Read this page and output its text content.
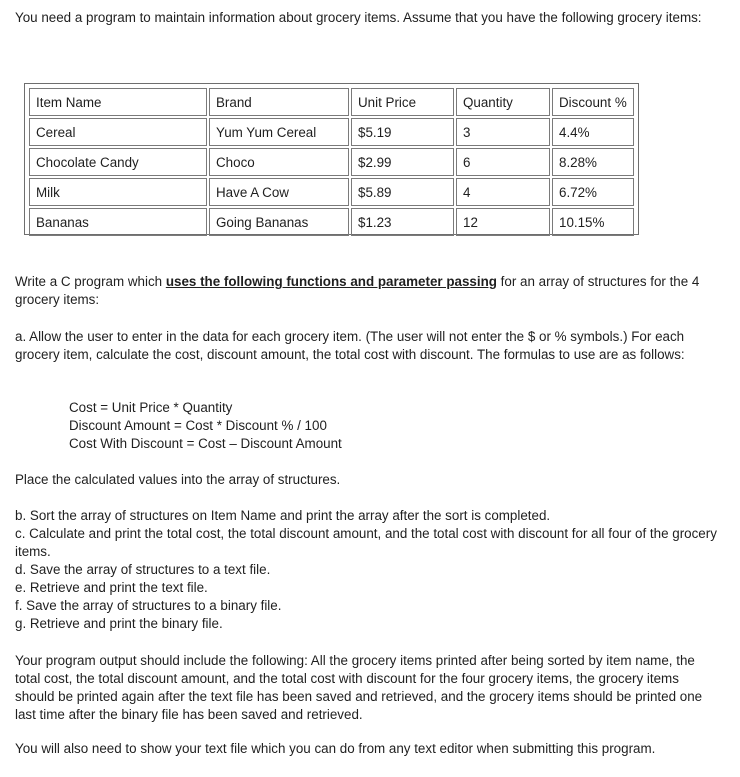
You need a program to maintain information about grocery items. Assume that you have the following grocery items:

Item Name	Brand	Unit Price	Quantity	Discount %
Cereal	Yum Yum Cereal	$5.19	3	4.4%
Chocolate Candy	Choco	$2.99	6	8.28%
Milk	Have A Cow	$5.89	4	6.72%
Bananas	Going Bananas	$1.23	12	10.15%

Write a C program which uses the following functions and parameter passing for an array of structures for the 4 grocery items:

a. Allow the user to enter in the data for each grocery item. (The user will not enter the $ or % symbols.) For each grocery item, calculate the cost, discount amount, the total cost with discount. The formulas to use are as follows:

Cost = Unit Price * Quantity
Discount Amount = Cost * Discount % / 100
Cost With Discount = Cost – Discount Amount

Place the calculated values into the array of structures.

b. Sort the array of structures on Item Name and print the array after the sort is completed.
c. Calculate and print the total cost, the total discount amount, and the total cost with discount for all four of the grocery items.
d. Save the array of structures to a text file.
e. Retrieve and print the text file.
f. Save the array of structures to a binary file.
g. Retrieve and print the binary file.

Your program output should include the following: All the grocery items printed after being sorted by item name, the total cost, the total discount amount, and the total cost with discount for the four grocery items, the grocery items should be printed again after the text file has been saved and retrieved, and the grocery items should be printed one last time after the binary file has been saved and retrieved.

You will also need to show your text file which you can do from any text editor when submitting this program.
